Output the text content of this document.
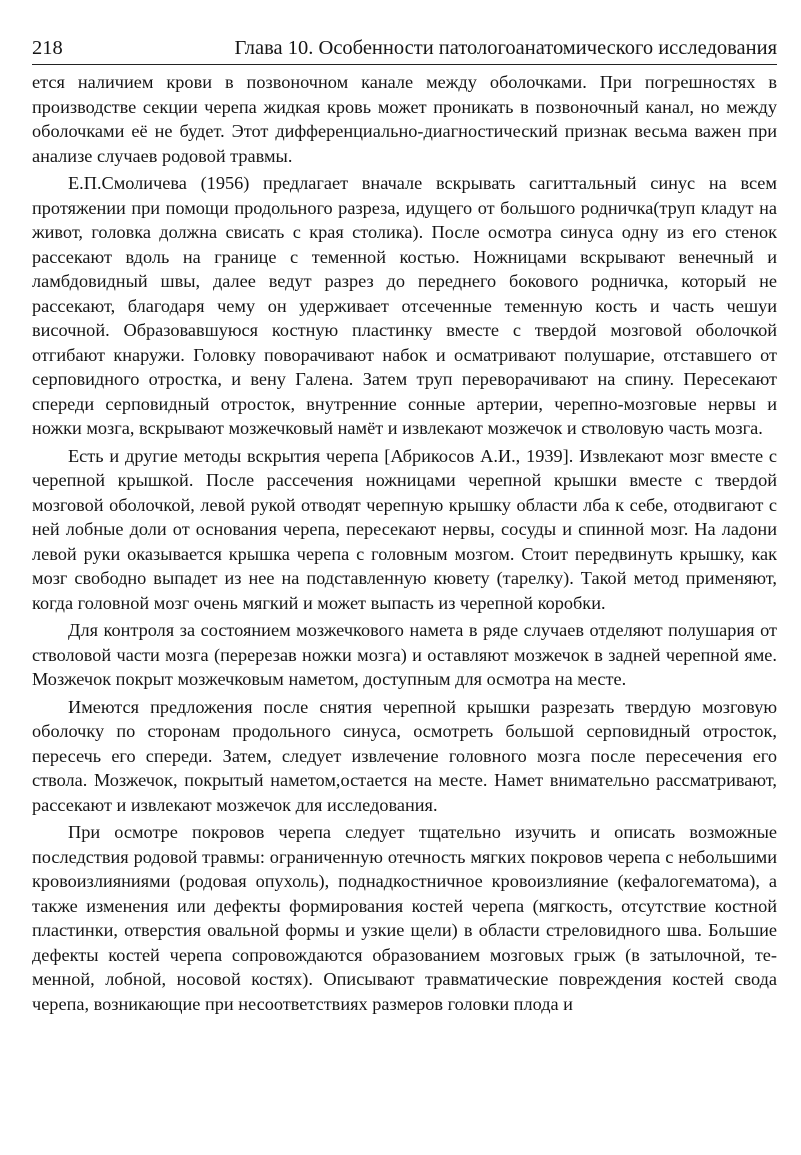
218	Глава 10. Особенности патологоанатомического исследования

ется наличием крови в позвоночном канале между оболочками. При погрешностях в производстве секции черепа жидкая кровь может проникать в позвоночный канал, но между оболочками её не будет. Этот дифференциально-диагностический признак весьма важен при анализе случаев родовой травмы.

Е.П.Смоличева (1956) предлагает вначале вскрывать сагиттальный синус на всем протяжении при помощи продольного разреза, идущего от большого родничка(труп кладут на живот, головка должна свисать с края столика). После осмотра синуса одну из его стенок рассекают вдоль на границе с теменной костью. Ножницами вскрывают венечный и ламбдовидный швы, далее ведут разрез до переднего бокового родничка, который не рассекают, благодаря чему он удерживает отсеченные теменную кость и часть чешуи височной. Образовавшуюся костную пластинку вместе с твердой мозговой оболочкой отгибают кнаружи. Головку поворачивают набок и осматривают полушарие, отставшего от серповидного отростка, и вену Галена. Затем труп переворачивают на спину. Пересекают спереди серповидный отросток, внутренние сонные артерии, черепно-мозговые нервы и ножки мозга, вскрывают мозжечковый намёт и извлекают мозжечок и стволовую часть мозга.

Есть и другие методы вскрытия черепа [Абрикосов А.И., 1939]. Извлекают мозг вместе с черепной крышкой. После рассечения ножницами черепной крышки вместе с твердой мозговой оболочкой, левой рукой отводят черепную крышку области лба к себе, отодвигают с ней лобные доли от основания черепа, пересекают нервы, сосуды и спинной мозг. На ладони левой руки оказывается крышка черепа с головным мозгом. Стоит передвинуть крышку, как мозг свободно выпадет из нее на подставленную кювету (тарелку). Такой метод применяют, когда головной мозг очень мягкий и может выпасть из черепной коробки.

Для контроля за состоянием мозжечкового намета в ряде случаев отделяют полушария от стволовой части мозга (перерезав ножки мозга) и оставляют мозжечок в задней черепной яме. Мозжечок покрыт мозжечковым наметом, доступным для осмотра на месте.

Имеются предложения после снятия черепной крышки разрезать твердую мозговую оболочку по сторонам продольного синуса, осмотреть большой серповидный отросток, пересечь его спереди. Затем, следует извлечение головного мозга после пересечения его ствола. Мозжечок, покрытый наметом,остается на месте. Намет внимательно рассматривают, рассекают и извлекают мозжечок для исследования.

При осмотре покровов черепа следует тщательно изучить и описать возможные последствия родовой травмы: ограниченную отечность мягких покровов черепа с небольшими кровоизлияниями (родовая опухоль), поднадкостничное кровоизлияние (кефалогематома), а также изменения или дефекты формирования костей черепа (мягкость, отсутствие костной пластинки, отверстия овальной формы и узкие щели) в области стреловидного шва. Большие дефекты костей черепа сопровождаются образованием мозговых грыж (в затылочной, теменной, лобной, носовой костях). Описывают травматические повреждения костей свода черепа, возникающие при несоответствиях размеров головки плода и
